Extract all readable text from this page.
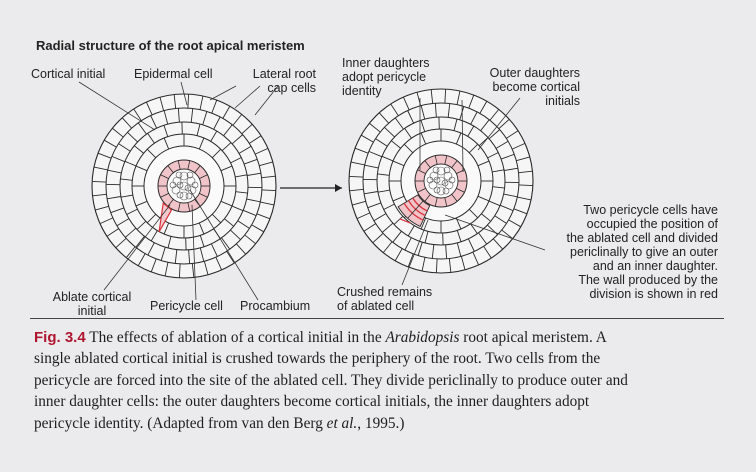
Radial structure of the root apical meristem
Cortical initial Epidermal cell	Lateral root
cap cells
Ablate cortical
initial	Pericycle cell Procambium
Inner daughters
adopt pericycle
identity
Outer daughters
become cortical
initials
Crushed remains
of ablated cell
Two pericycle cells have
occupied the position of
the ablated cell and divided
periclinally to give an outer
and an inner daughter.
The wall produced by the
division is shown in red
Fig. 3.4 The effects of ablation of a cortical initial in the Arabidopsis root apical meristem. A
single ablated cortical initial is crushed towards the periphery of the root. Two cells from the
pericycle are forced into the site of the ablated cell. They divide periclinally to produce outer and
inner daughter cells: the outer daughters become cortical initials, the inner daughters adopt
pericycle identity. (Adapted from van den Berg et al., 1995.)
